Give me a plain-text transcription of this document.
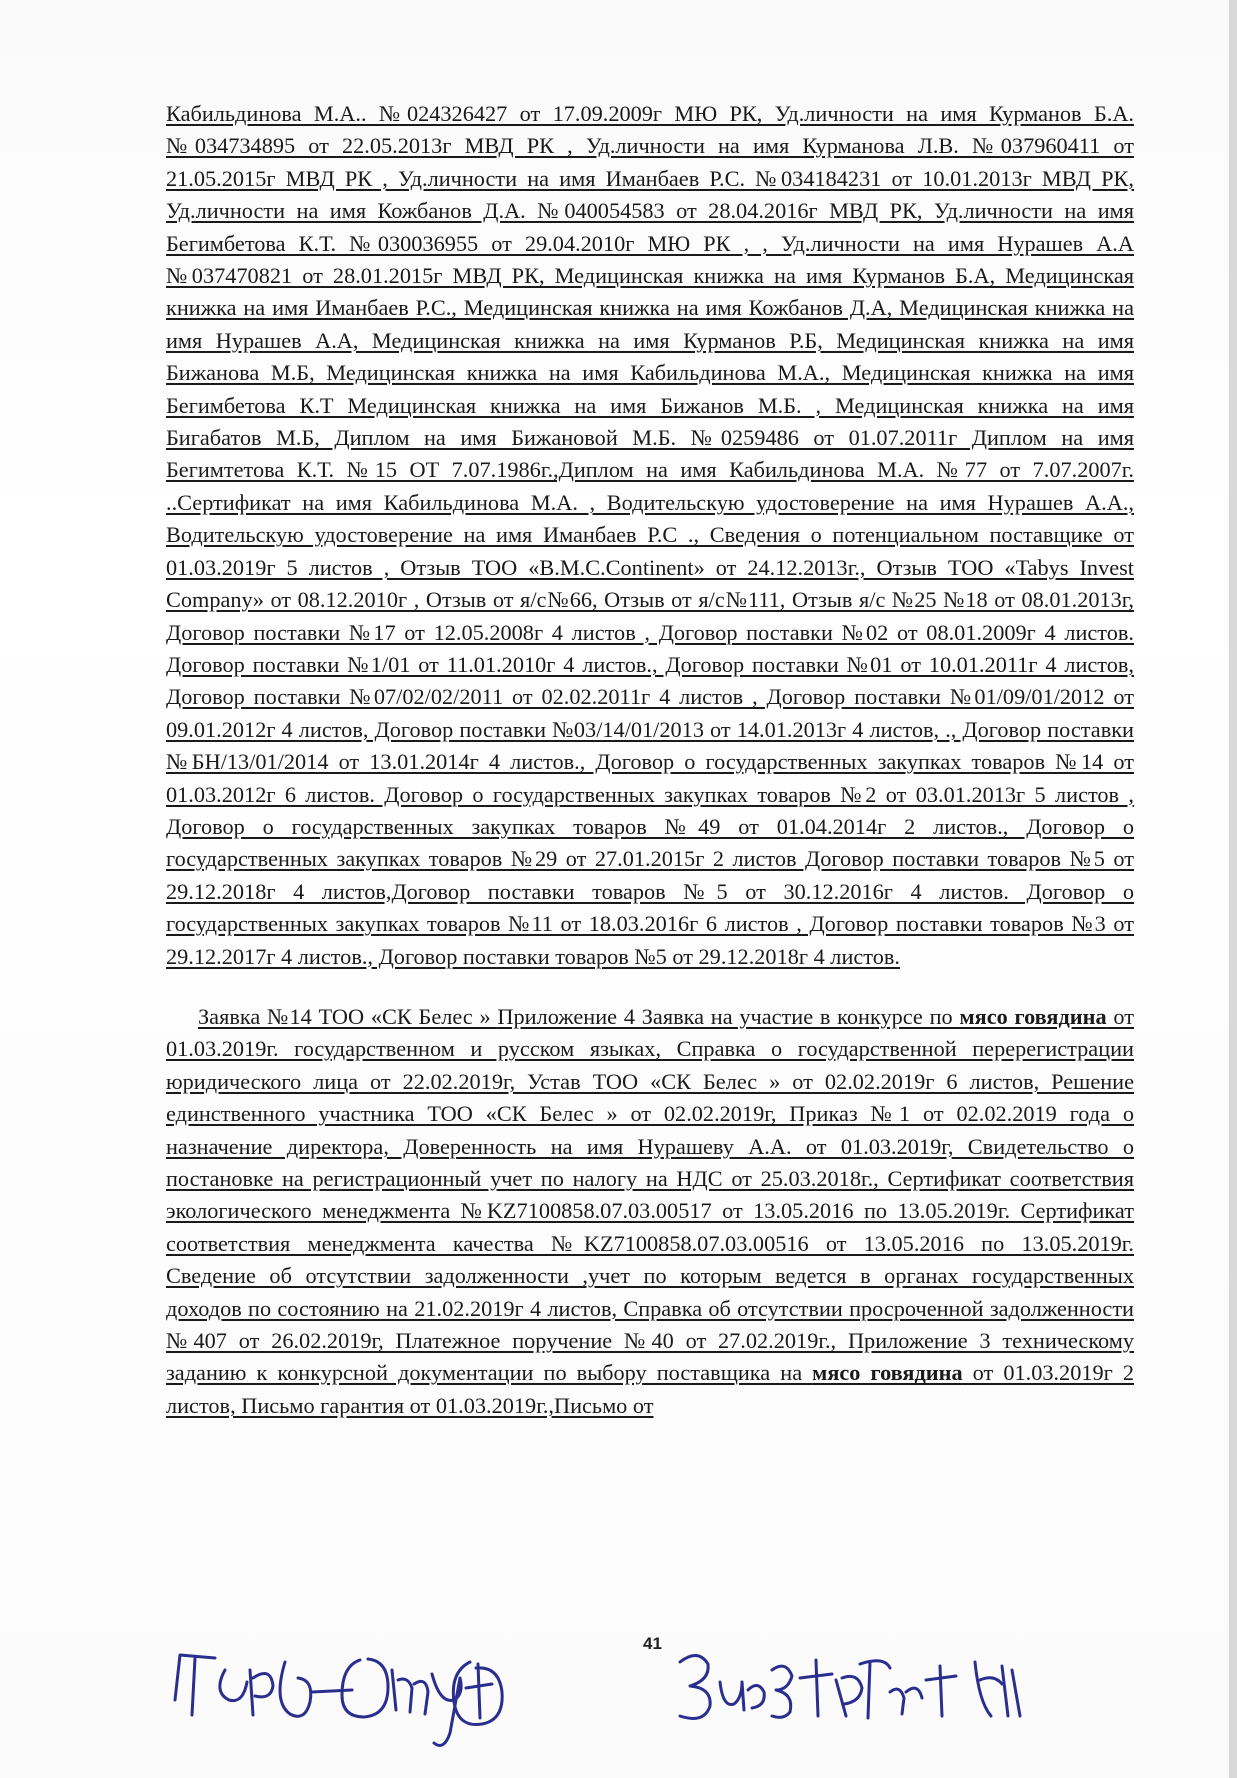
Кабильдинова М.А.. №024326427 от 17.09.2009г МЮ РК, Уд.личности на имя Курманов Б.А. №034734895 от 22.05.2013г МВД РК , Уд.личности на имя Курманова Л.В. №037960411 от 21.05.2015г МВД РК , Уд.личности на имя Иманбаев Р.С. №034184231 от 10.01.2013г МВД РК, Уд.личности на имя Кожбанов Д.А. №040054583 от 28.04.2016г МВД РК, Уд.личности на имя Бегимбетова К.Т. №030036955 от 29.04.2010г МЮ РК , , Уд.личности на имя Нурашев А.А №037470821 от 28.01.2015г МВД РК, Медицинская книжка на имя Курманов Б.А, Медицинская книжка на имя Иманбаев Р.С., Медицинская книжка на имя Кожбанов Д.А, Медицинская книжка на имя Нурашев А.А, Медицинская книжка на имя Курманов Р.Б, Медицинская книжка на имя Бижанова М.Б, Медицинская книжка на имя Кабильдинова М.А., Медицинская книжка на имя Бегимбетова К.Т Медицинская книжка на имя Бижанов М.Б. , Медицинская книжка на имя Бигабатов М.Б, Диплом на имя Бижановой М.Б. №0259486 от 01.07.2011г Диплом на имя Бегимтетова К.Т. №15 ОТ 7.07.1986г.,Диплом на имя Кабильдинова М.А. №77 от 7.07.2007г. ..Сертификат на имя Кабильдинова М.А. , Водительскую удостоверение на имя Нурашев А.А., Водительскую удостоверение на имя Иманбаев Р.С ., Сведения о потенциальном поставщике от 01.03.2019г 5 листов , Отзыв ТОО «B.M.C.Continent» от 24.12.2013г., Отзыв ТОО «Tabys Invest Company» от 08.12.2010г , Отзыв от я/с№66, Отзыв от я/с№111, Отзыв я/с №25 №18 от 08.01.2013г, Договор поставки №17 от 12.05.2008г 4 листов , Договор поставки №02 от 08.01.2009г 4 листов. Договор поставки №1/01 от 11.01.2010г 4 листов., Договор поставки №01 от 10.01.2011г 4 листов, Договор поставки №07/02/02/2011 от 02.02.2011г 4 листов , Договор поставки №01/09/01/2012 от 09.01.2012г 4 листов, Договор поставки №03/14/01/2013 от 14.01.2013г 4 листов, ., Договор поставки №БН/13/01/2014 от 13.01.2014г 4 листов., Договор о государственных закупках товаров №14 от 01.03.2012г 6 листов. Договор о государственных закупках товаров №2 от 03.01.2013г 5 листов , Договор о государственных закупках товаров №49 от 01.04.2014г 2 листов., Договор о государственных закупках товаров №29 от 27.01.2015г 2 листов Договор поставки товаров №5 от 29.12.2018г 4 листов,Договор поставки товаров №5 от 30.12.2016г 4 листов. Договор о государственных закупках товаров №11 от 18.03.2016г 6 листов , Договор поставки товаров №3 от 29.12.2017г 4 листов., Договор поставки товаров №5 от 29.12.2018г 4 листов.

Заявка №14 ТОО «СК Белес » Приложение 4 Заявка на участие в конкурсе по мясо говядина от 01.03.2019г. государственном и русском языках, Справка о государственной перерегистрации юридического лица от 22.02.2019г, Устав ТОО «СК Белес » от 02.02.2019г 6 листов, Решение единственного участника ТОО «СК Белес » от 02.02.2019г, Приказ №1 от 02.02.2019 года о назначение директора, Доверенность на имя Нурашеву А.А. от 01.03.2019г, Свидетельство о постановке на регистрационный учет по налогу на НДС от 25.03.2018г., Сертификат соответствия экологического менеджмента №KZ7100858.07.03.00517 от 13.05.2016 по 13.05.2019г. Сертификат соответствия менеджмента качества №KZ7100858.07.03.00516 от 13.05.2016 по 13.05.2019г. Сведение об отсутствии задолженности ,учет по которым ведется в органах государственных доходов по состоянию на 21.02.2019г 4 листов, Справка об отсутствии просроченной задолженности №407 от 26.02.2019г, Платежное поручение №40 от 27.02.2019г., Приложение 3 техническому заданию к конкурсной документации по выбору поставщика на мясо говядина от 01.03.2019г 2 листов, Письмо гарантия от 01.03.2019г.,Письмо от

41
